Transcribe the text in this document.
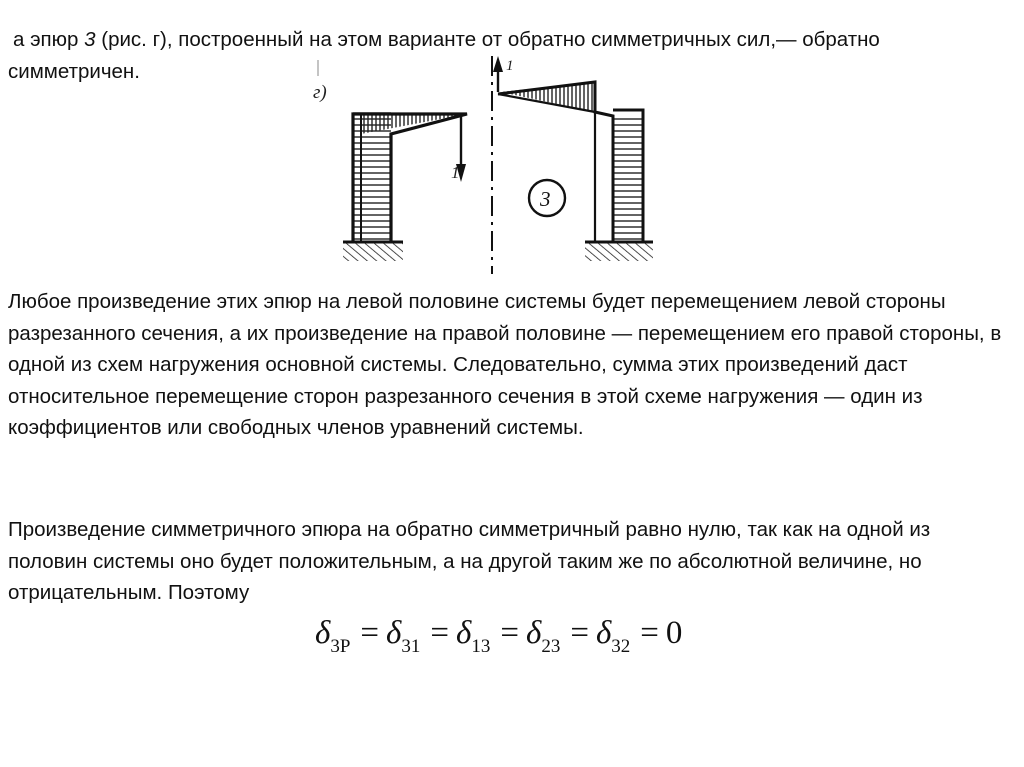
а эпюр 3 (рис. г), построенный на этом варианте от обратно симметричных сил,— обратно симметричен.

г)
1
1
3

Любое произведение этих эпюр на левой половине системы будет перемещением левой стороны разрезанного сечения, а их произведение на правой половине — перемещением его правой стороны, в одной из схем нагружения основной системы. Следовательно, сумма этих произведений даст относительное перемещение сторон разрезанного сечения в этой схеме нагружения — один из коэффициентов или свободных членов уравнений системы.

Произведение симметричного эпюра на обратно симметричный равно нулю, так как на одной из половин системы оно будет положительным, а на другой таким же по абсолютной величине, но отрицательным. Поэтому

δ3P = δ31 = δ13 = δ23 = δ32 = 0
